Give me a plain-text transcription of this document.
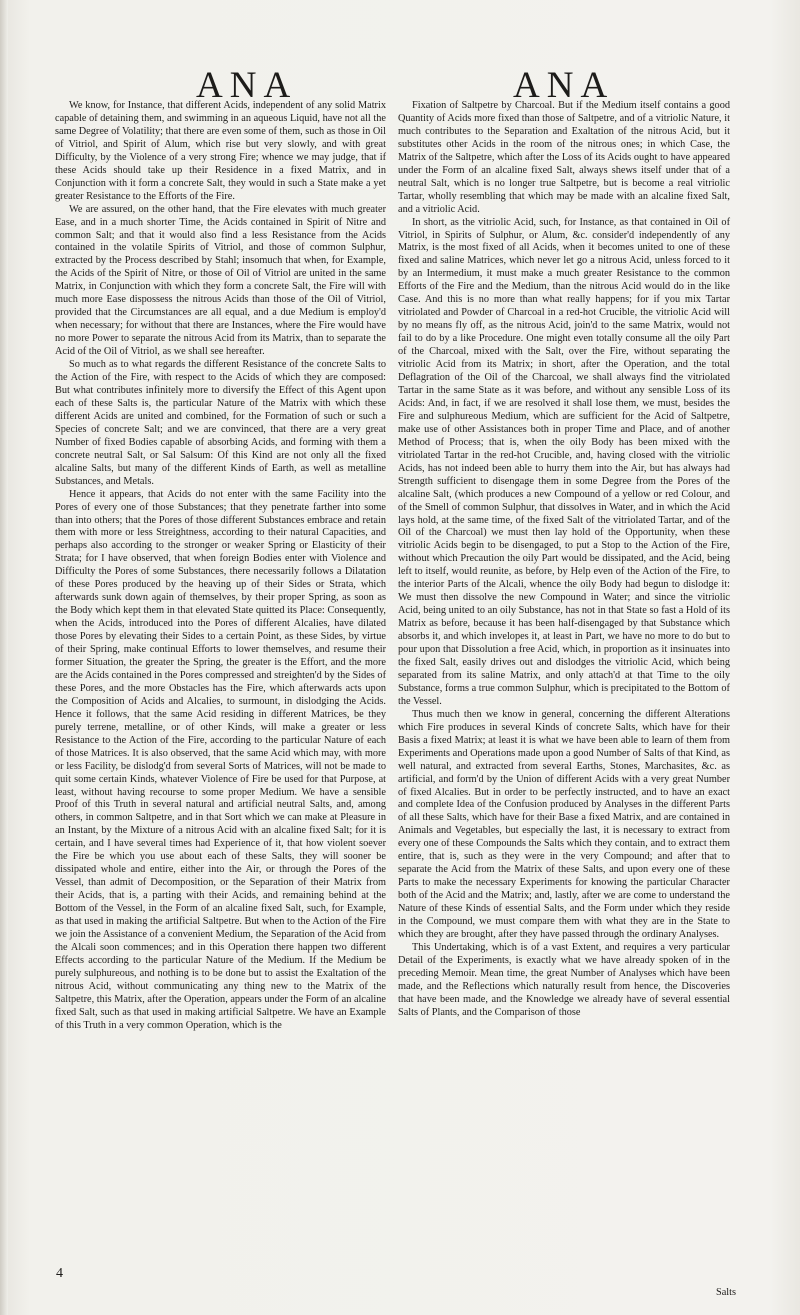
ANA	ANA

We know, for Instance, that different Acids, independent of any solid Matrix capable of detaining them, and swimming in an aqueous Liquid, have not all the same Degree of Volatility; that there are even some of them, such as those in Oil of Vitriol, and Spirit of Alum, which rise but very slowly, and with great Difficulty, by the Violence of a very strong Fire; whence we may judge, that if these Acids should take up their Residence in a fixed Matrix, and in Conjunction with it form a concrete Salt, they would in such a State make a yet greater Resistance to the Efforts of the Fire.

We are assured, on the other hand, that the Fire elevates with much greater Ease, and in a much shorter Time, the Acids contained in Spirit of Nitre and common Salt; and that it would also find a less Resistance from the Acids contained in the volatile Spirits of Vitriol, and those of common Sulphur, extracted by the Process described by Stahl; insomuch that when, for Example, the Acids of the Spirit of Nitre, or those of Oil of Vitriol are united in the same Matrix, in Conjunction with which they form a concrete Salt, the Fire will with much more Ease dispossess the nitrous Acids than those of the Oil of Vitriol, provided that the Circumstances are all equal, and a due Medium is employ'd when necessary; for without that there are Instances, where the Fire would have no more Power to separate the nitrous Acid from its Matrix, than to separate the Acid of the Oil of Vitriol, as we shall see hereafter.

So much as to what regards the different Resistance of the concrete Salts to the Action of the Fire, with respect to the Acids of which they are composed: But what contributes infinitely more to diversify the Effect of this Agent upon each of these Salts is, the particular Nature of the Matrix with which these different Acids are united and combined, for the Formation of such or such a Species of concrete Salt; and we are convinced, that there are a very great Number of fixed Bodies capable of absorbing Acids, and forming with them a concrete neutral Salt, or Sal Salsum: Of this Kind are not only all the fixed alcaline Salts, but many of the different Kinds of Earth, as well as metalline Substances, and Metals.

Hence it appears, that Acids do not enter with the same Facility into the Pores of every one of those Substances; that they penetrate farther into some than into others; that the Pores of those different Substances embrace and retain them with more or less Streightness, according to their natural Capacities, and perhaps also according to the stronger or weaker Spring or Elasticity of their Strata; for I have observed, that when foreign Bodies enter with Violence and Difficulty the Pores of some Substances, there necessarily follows a Dilatation of these Pores produced by the heaving up of their Sides or Strata, which afterwards sunk down again of themselves, by their proper Spring, as soon as the Body which kept them in that elevated State quitted its Place: Consequently, when the Acids, introduced into the Pores of different Alcalies, have dilated those Pores by elevating their Sides to a certain Point, as these Sides, by virtue of their Spring, make continual Efforts to lower themselves, and resume their former Situation, the greater the Spring, the greater is the Effort, and the more are the Acids contained in the Pores compressed and streighten'd by the Sides of these Pores, and the more Obstacles has the Fire, which afterwards acts upon the Composition of Acids and Alcalies, to surmount, in dislodging the Acids. Hence it follows, that the same Acid residing in different Matrices, be they purely terrene, metalline, or of other Kinds, will make a greater or less Resistance to the Action of the Fire, according to the particular Nature of each of those Matrices. It is also observed, that the same Acid which may, with more or less Facility, be dislodg'd from several Sorts of Matrices, will not be made to quit some certain Kinds, whatever Violence of Fire be used for that Purpose, at least, without having recourse to some proper Medium. We have a sensible Proof of this Truth in several natural and artificial neutral Salts, and, among others, in common Saltpetre, and in that Sort which we can make at Pleasure in an Instant, by the Mixture of a nitrous Acid with an alcaline fixed Salt; for it is certain, and I have several times had Experience of it, that how violent soever the Fire be which you use about each of these Salts, they will sooner be dissipated whole and entire, either into the Air, or through the Pores of the Vessel, than admit of Decomposition, or the Separation of their Matrix from their Acids, that is, a parting with their Acids, and remaining behind at the Bottom of the Vessel, in the Form of an alcaline fixed Salt, such, for Example, as that used in making the artificial Saltpetre. But when to the Action of the Fire we join the Assistance of a convenient Medium, the Separation of the Acid from the Alcali soon commences; and in this Operation there happen two different Effects according to the particular Nature of the Medium. If the Medium be purely sulphureous, and nothing is to be done but to assist the Exaltation of the nitrous Acid, without communicating any thing new to the Matrix of the Saltpetre, this Matrix, after the Operation, appears under the Form of an alcaline fixed Salt, such as that used in making artificial Saltpetre. We have an Example of this Truth in a very common Operation, which is the

Fixation of Saltpetre by Charcoal. But if the Medium itself contains a good Quantity of Acids more fixed than those of Saltpetre, and of a vitriolic Nature, it much contributes to the Separation and Exaltation of the nitrous Acid, but it substitutes other Acids in the room of the nitrous ones; in which Case, the Matrix of the Saltpetre, which after the Loss of its Acids ought to have appeared under the Form of an alcaline fixed Salt, always shews itself under that of a neutral Salt, which is no longer true Saltpetre, but is become a real vitriolic Tartar, wholly resembling that which may be made with an alcaline fixed Salt, and a vitriolic Acid.

In short, as the vitriolic Acid, such, for Instance, as that contained in Oil of Vitriol, in Spirits of Sulphur, or Alum, &c. consider'd independently of any Matrix, is the most fixed of all Acids, when it becomes united to one of these fixed and saline Matrices, which never let go a nitrous Acid, unless forced to it by an Intermedium, it must make a much greater Resistance to the common Efforts of the Fire and the Medium, than the nitrous Acid would do in the like Case. And this is no more than what really happens; for if you mix Tartar vitriolated and Powder of Charcoal in a red-hot Crucible, the vitriolic Acid will by no means fly off, as the nitrous Acid, join'd to the same Matrix, would not fail to do by a like Procedure. One might even totally consume all the oily Part of the Charcoal, mixed with the Salt, over the Fire, without separating the vitriolic Acid from its Matrix; in short, after the Operation, and the total Deflagration of the Oil of the Charcoal, we shall always find the vitriolated Tartar in the same State as it was before, and without any sensible Loss of its Acids: And, in fact, if we are resolved it shall lose them, we must, besides the Fire and sulphureous Medium, which are sufficient for the Acid of Saltpetre, make use of other Assistances both in proper Time and Place, and of another Method of Process; that is, when the oily Body has been mixed with the vitriolated Tartar in the red-hot Crucible, and, having closed with the vitriolic Acids, has not indeed been able to hurry them into the Air, but has always had Strength sufficient to disengage them in some Degree from the Pores of the alcaline Salt, (which produces a new Compound of a yellow or red Colour, and of the Smell of common Sulphur, that dissolves in Water, and in which the Acid lays hold, at the same time, of the fixed Salt of the vitriolated Tartar, and of the Oil of the Charcoal) we must then lay hold of the Opportunity, when these vitriolic Acids begin to be disengaged, to put a Stop to the Action of the Fire, without which Precaution the oily Part would be dissipated, and the Acid, being left to itself, would reunite, as before, by Help even of the Action of the Fire, to the interior Parts of the Alcali, whence the oily Body had begun to dislodge it: We must then dissolve the new Compound in Water; and since the vitriolic Acid, being united to an oily Substance, has not in that State so fast a Hold of its Matrix as before, because it has been half-disengaged by that Substance which absorbs it, and which invelopes it, at least in Part, we have no more to do but to pour upon that Dissolution a free Acid, which, in proportion as it insinuates into the fixed Salt, easily drives out and dislodges the vitriolic Acid, which being separated from its saline Matrix, and only attach'd at that Time to the oily Substance, forms a true common Sulphur, which is precipitated to the Bottom of the Vessel.

Thus much then we know in general, concerning the different Alterations which Fire produces in several Kinds of concrete Salts, which have for their Basis a fixed Matrix; at least it is what we have been able to learn of them from Experiments and Operations made upon a good Number of Salts of that Kind, as well natural, and extracted from several Earths, Stones, Marchasites, &c. as artificial, and form'd by the Union of different Acids with a very great Number of fixed Alcalies. But in order to be perfectly instructed, and to have an exact and complete Idea of the Confusion produced by Analyses in the different Parts of all these Salts, which have for their Base a fixed Matrix, and are contained in Animals and Vegetables, but especially the last, it is necessary to extract from every one of these Compounds the Salts which they contain, and to extract them entire, that is, such as they were in the very Compound; and after that to separate the Acid from the Matrix of these Salts, and upon every one of these Parts to make the necessary Experiments for knowing the particular Character both of the Acid and the Matrix; and, lastly, after we are come to understand the Nature of these Kinds of essential Salts, and the Form under which they reside in the Compound, we must compare them with what they are in the State to which they are brought, after they have passed through the ordinary Analyses.

This Undertaking, which is of a vast Extent, and requires a very particular Detail of the Experiments, is exactly what we have already spoken of in the preceding Memoir. Mean time, the great Number of Analyses which have been made, and the Reflections which naturally result from hence, the Discoveries that have been made, and the Knowledge we already have of several essential Salts of Plants, and the Comparison of those

4
Salts
